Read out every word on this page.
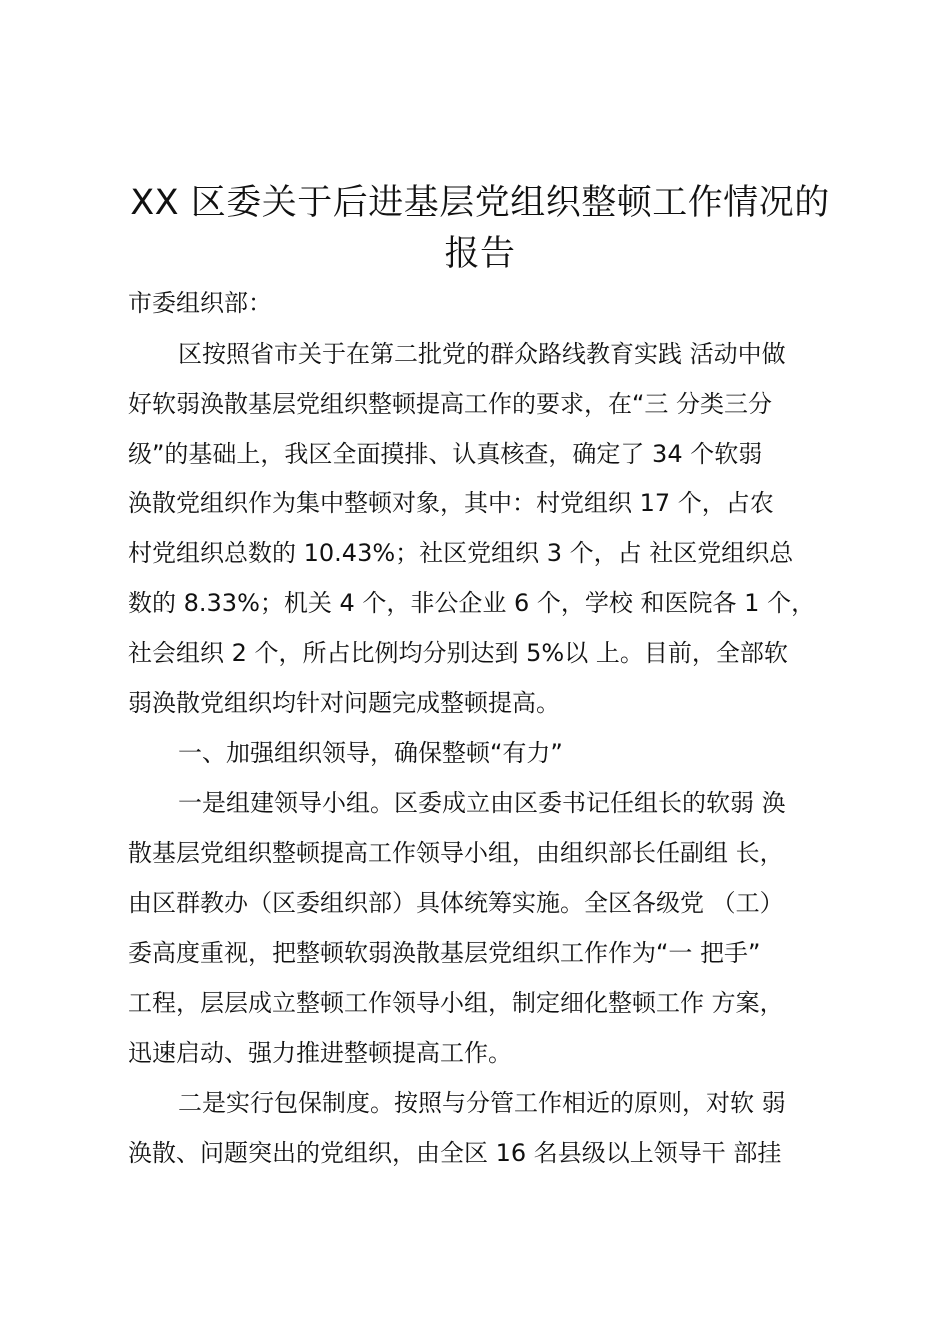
XX 区委关于后进基层党组织整顿工作情况的
报告

市委组织部：

区按照省市关于在第二批党的群众路线教育实践 活动中做

好软弱涣散基层党组织整顿提高工作的要求，在“三 分类三分

级”的基础上，我区全面摸排、认真核查，确定了 34 个软弱

涣散党组织作为集中整顿对象，其中：村党组织 17 个，占农

村党组织总数的 10.43%；社区党组织 3 个，占 社区党组织总

数的 8.33%；机关 4 个，非公企业 6 个，学校 和医院各 1 个，

社会组织 2 个，所占比例均分别达到 5%以 上。目前，全部软

弱涣散党组织均针对问题完成整顿提高。

一、加强组织领导，确保整顿“有力”

一是组建领导小组。区委成立由区委书记任组长的软弱 涣

散基层党组织整顿提高工作领导小组，由组织部长任副组 长，

由区群教办（区委组织部）具体统筹实施。全区各级党 （工）

委高度重视，把整顿软弱涣散基层党组织工作作为“一 把手”

工程，层层成立整顿工作领导小组，制定细化整顿工作 方案，

迅速启动、强力推进整顿提高工作。

二是实行包保制度。按照与分管工作相近的原则，对软 弱

涣散、问题突出的党组织，由全区 16 名县级以上领导干 部挂
